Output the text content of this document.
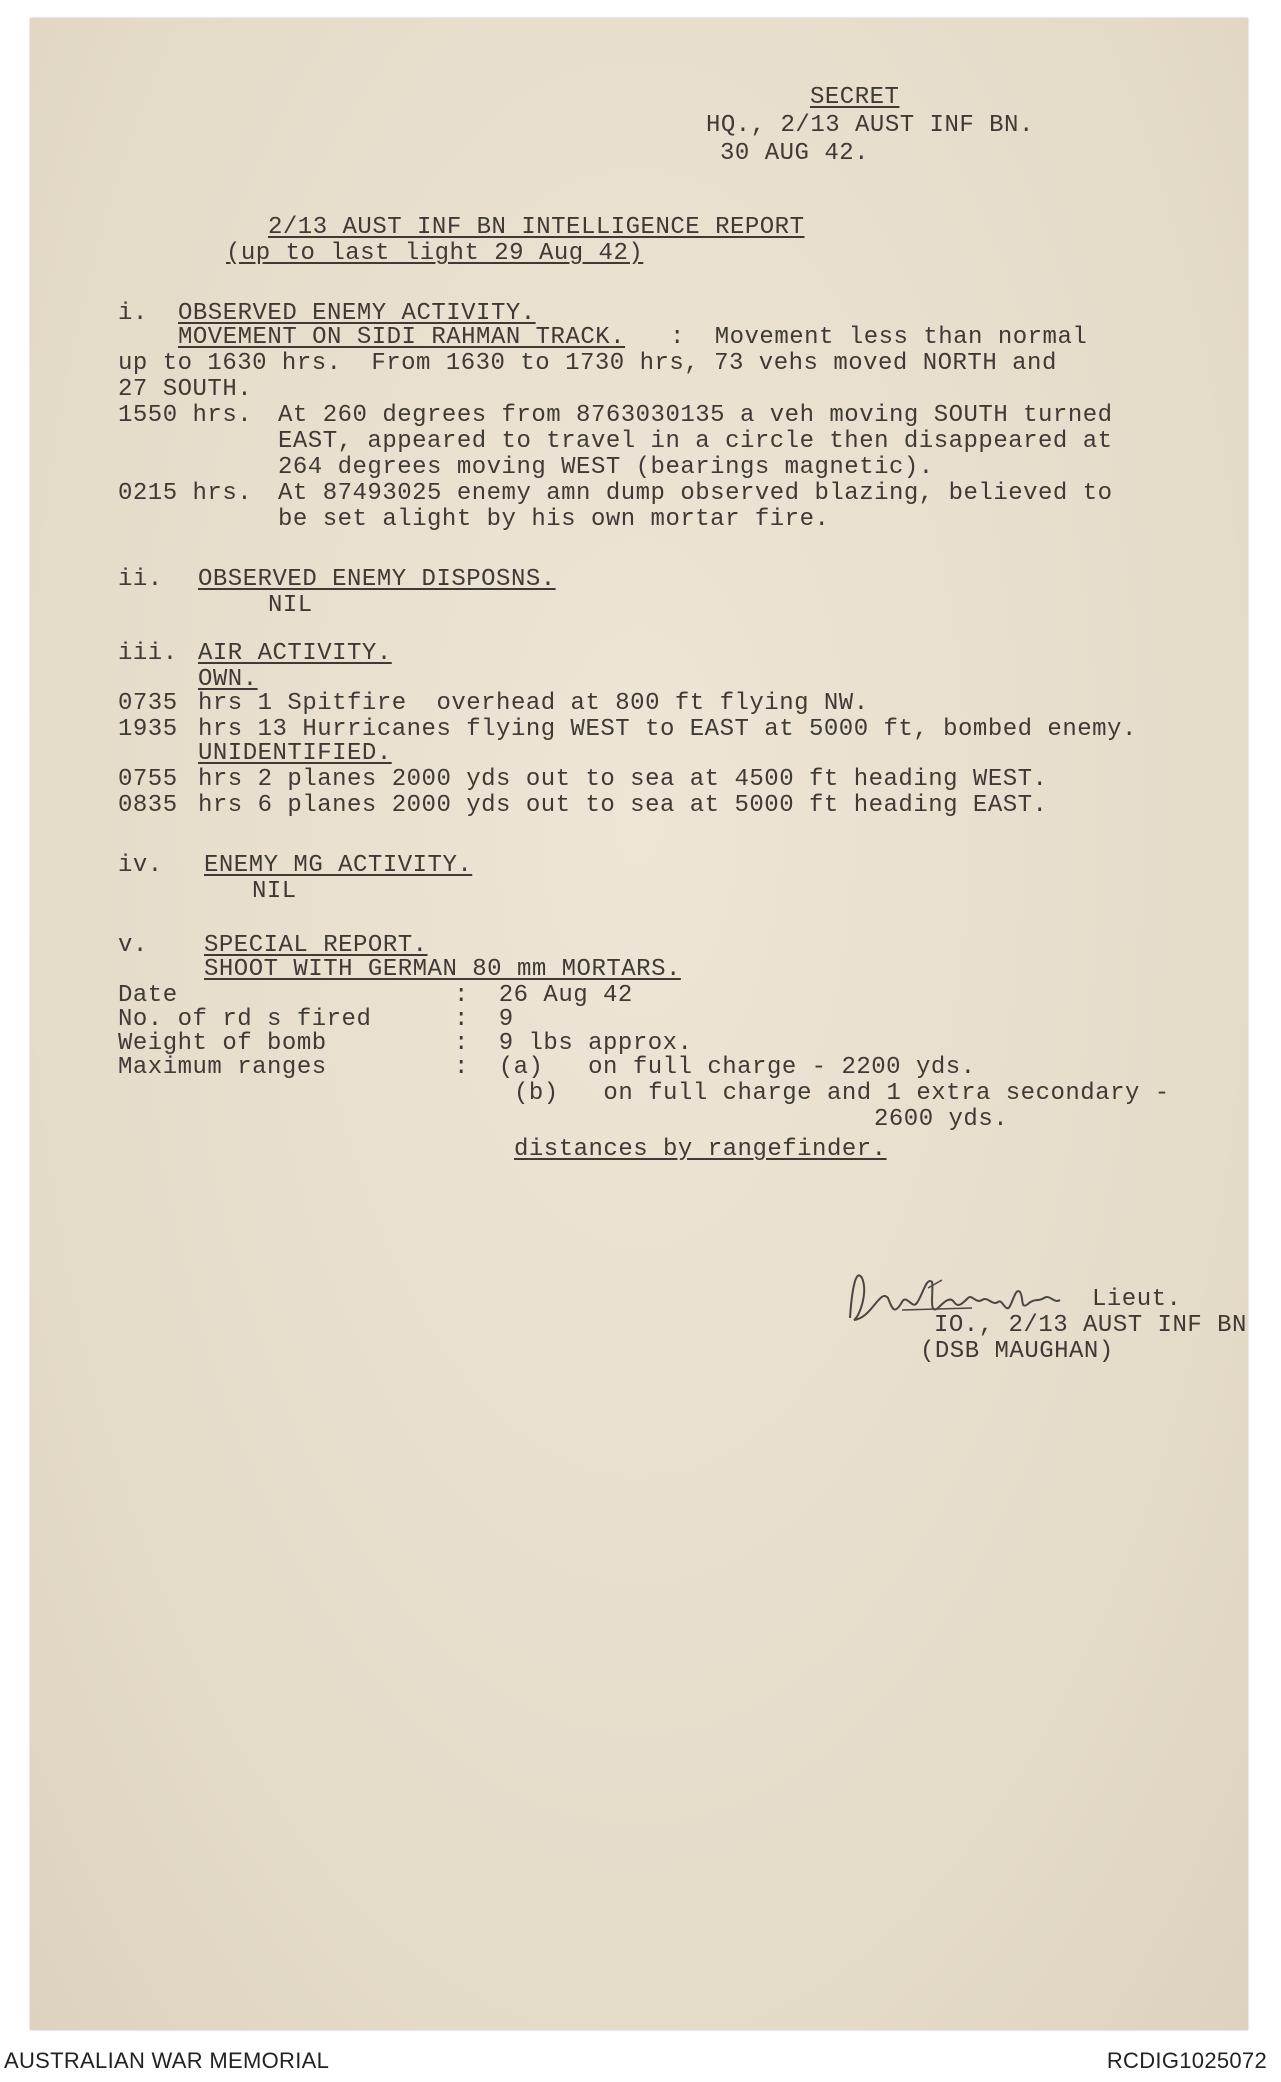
SECRET
HQ., 2/13 AUST INF BN.
30 AUG 42.
2/13 AUST INF BN INTELLIGENCE REPORT
(up to last light 29 Aug 42)
i. OBSERVED ENEMY ACTIVITY.
MOVEMENT ON SIDI RAHMAN TRACK. :  Movement less than normal
up to 1630 hrs.  From 1630 to 1730 hrs, 73 vehs moved NORTH and
27 SOUTH.
1550 hrs. At 260 degrees from 8763030135 a veh moving SOUTH turned
EAST, appeared to travel in a circle then disappeared at
264 degrees moving WEST (bearings magnetic).
0215 hrs. At 87493025 enemy amn dump observed blazing, believed to
be set alight by his own mortar fire.
ii. OBSERVED ENEMY DISPOSNS.
NIL
iii. AIR ACTIVITY.
OWN.
0735 hrs 1 Spitfire  overhead at 800 ft flying NW.
1935 hrs 13 Hurricanes flying WEST to EAST at 5000 ft, bombed enemy.
UNIDENTIFIED.
0755 hrs 2 planes 2000 yds out to sea at 4500 ft heading WEST.
0835 hrs 6 planes 2000 yds out to sea at 5000 ft heading EAST.
iv. ENEMY MG ACTIVITY.
NIL
v. SPECIAL REPORT.
SHOOT WITH GERMAN 80 mm MORTARS.
Date	:  26 Aug 42
No. of rd s fired	:  9
Weight of bomb	:  9 lbs approx.
Maximum ranges	:  (a)   on full charge - 2200 yds.
(b)   on full charge and 1 extra secondary -
2600 yds.
distances by rangefinder.
Lieut.
IO., 2/13 AUST INF BN
(DSB MAUGHAN)
AUSTRALIAN WAR MEMORIAL	RCDIG1025072
